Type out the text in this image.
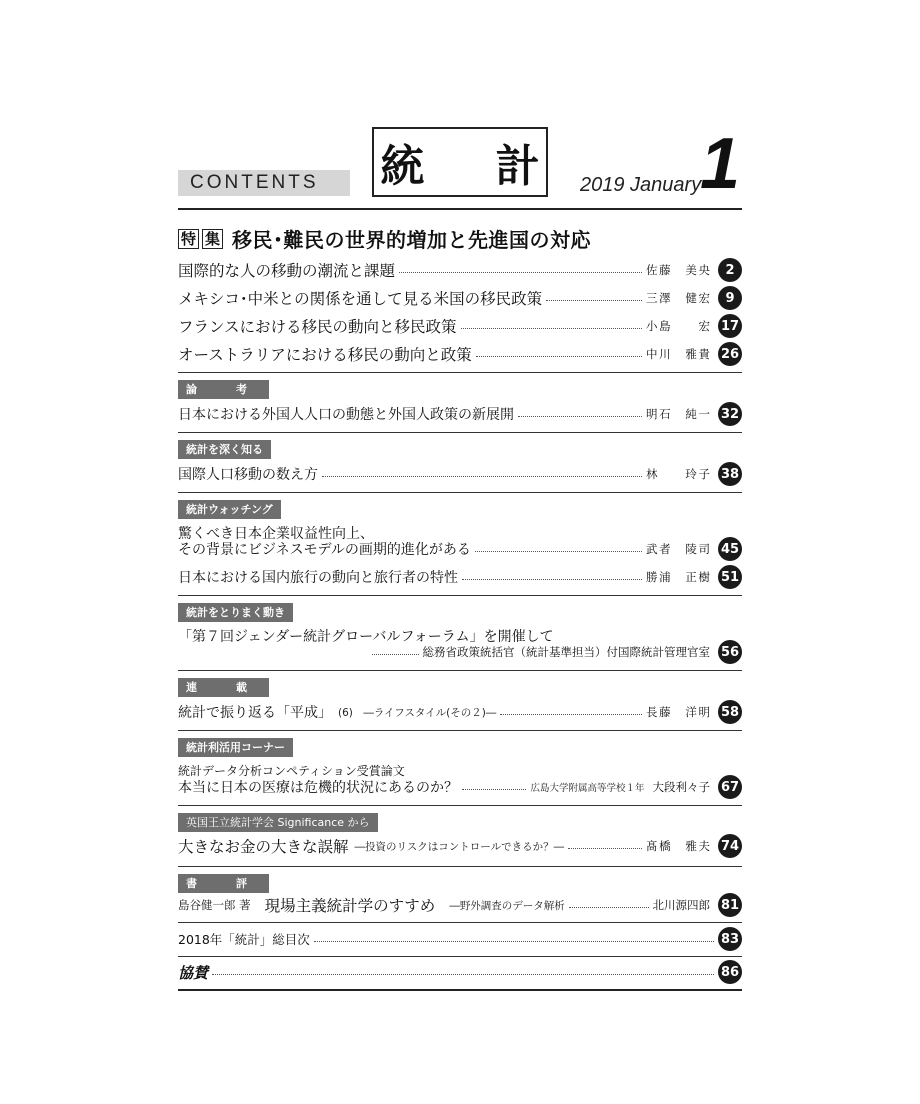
CONTENTS 統 計 2019 January
1
特 集 移民･難民の世界的増加と先進国の対応
国際的な人の移動の潮流と課題	佐藤　美央	2
メキシコ･中米との関係を通して見る米国の移民政策	三澤　健宏	9
フランスにおける移民の動向と移民政策	小島　　宏 17
オーストラリアにおける移民の動向と政策	中川　雅貴 26
論　考
日本における外国人人口の動態と外国人政策の新展開	明石　純一 32
統計を深く知る
国際人口移動の数え方	林　　玲子 38
統計ウォッチング
驚くべき日本企業収益性向上、
その背景にビジネスモデルの画期的進化がある	武者　陵司 45
日本における国内旅行の動向と旅行者の特性	勝浦　正樹 51
統計をとりまく動き
「第７回ジェンダー統計グローバルフォーラム」を開催して
総務省政策統括官（統計基準担当）付国際統計管理官室 56
連　載
統計で振り返る「平成」 (6)　―ライフスタイル(その２)―	長藤　洋明 58
統計利活用コーナー
統計データ分析コンペティション受賞論文
本当に日本の医療は危機的状況にあるのか？	広島大学附属高等学校１年 大段利々子 67
英国王立統計学会 Significance から
大きなお金の大きな誤解 ―投資のリスクはコントロールできるか？―	髙橋　雅夫 74
書　評
島谷健一郎 著 現場主義統計学のすすめ ―野外調査のデータ解析	北川源四郎 81
2018年「統計」総目次	83
協賛	86
